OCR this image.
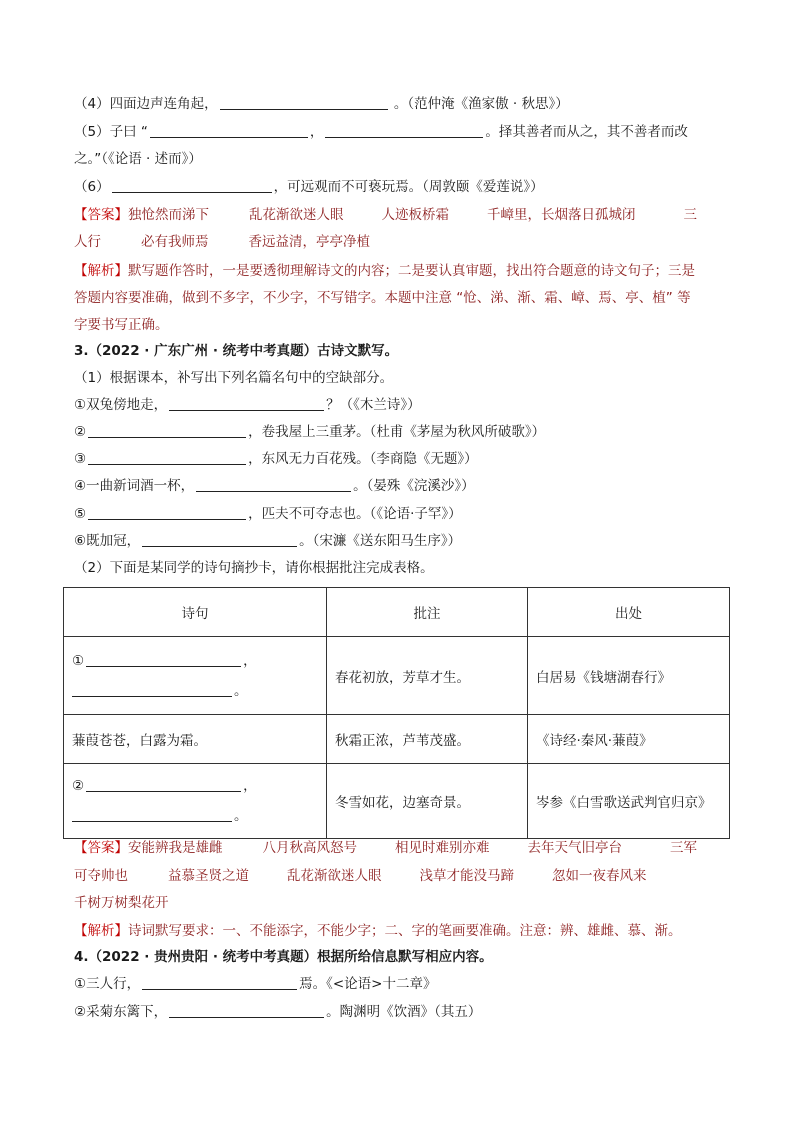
（4）四面边声连角起，	。（范仲淹《渔家傲 · 秋思》）
（5）子曰 “	，	。择其善者而从之，其不善者而改
之。”（《论语 · 述而》）
（6）	，可远观而不可亵玩焉。（周敦颐《爱莲说》）
【答案】独怆然而涕下	乱花渐欲迷人眼	人迹板桥霜	千嶂里，长烟落日孤城闭	三
人行	必有我师焉	香远益清，亭亭净植
【解析】默写题作答时，一是要透彻理解诗文的内容；二是要认真审题，找出符合题意的诗文句子；三是
答题内容要准确，做到不多字，不少字，不写错字。本题中注意 “怆、涕、渐、霜、嶂、焉、亭、植” 等
字要书写正确。
3.（2022 · 广东广州 · 统考中考真题）古诗文默写。
（1）根据课本，补写出下列名篇名句中的空缺部分。
①双兔傍地走，	？（《木兰诗》）
②	，卷我屋上三重茅。（杜甫《茅屋为秋风所破歌》）
③	，东风无力百花残。（李商隐《无题》）
④一曲新词酒一杯，	。（晏殊《浣溪沙》）
⑤	，匹夫不可夺志也。（《论语·子罕》）
⑥既加冠，	。（宋濂《送东阳马生序》）
（2）下面是某同学的诗句摘抄卡，请你根据批注完成表格。
诗句	批注	出处

① ，
。	春花初放，芳草才生。	白居易《钱塘湖春行》
蒹葭苍苍，白露为霜。	秋霜正浓，芦苇茂盛。	《诗经·秦风·蒹葭》

② ，
。	冬雪如花，边塞奇景。	岑参《白雪歌送武判官归京》
【答案】安能辨我是雄雌	八月秋高风怒号	相见时难别亦难	去年天气旧亭台	三军
可夺帅也	益慕圣贤之道	乱花渐欲迷人眼	浅草才能没马蹄	忽如一夜春风来
千树万树梨花开
【解析】诗词默写要求：一、不能添字，不能少字；二、字的笔画要准确。注意：辨、雄雌、慕、渐。
4.（2022 · 贵州贵阳 · 统考中考真题）根据所给信息默写相应内容。
①三人行，	焉。《<论语>十二章》
②采菊东篱下，	。陶渊明《饮酒》（其五）
